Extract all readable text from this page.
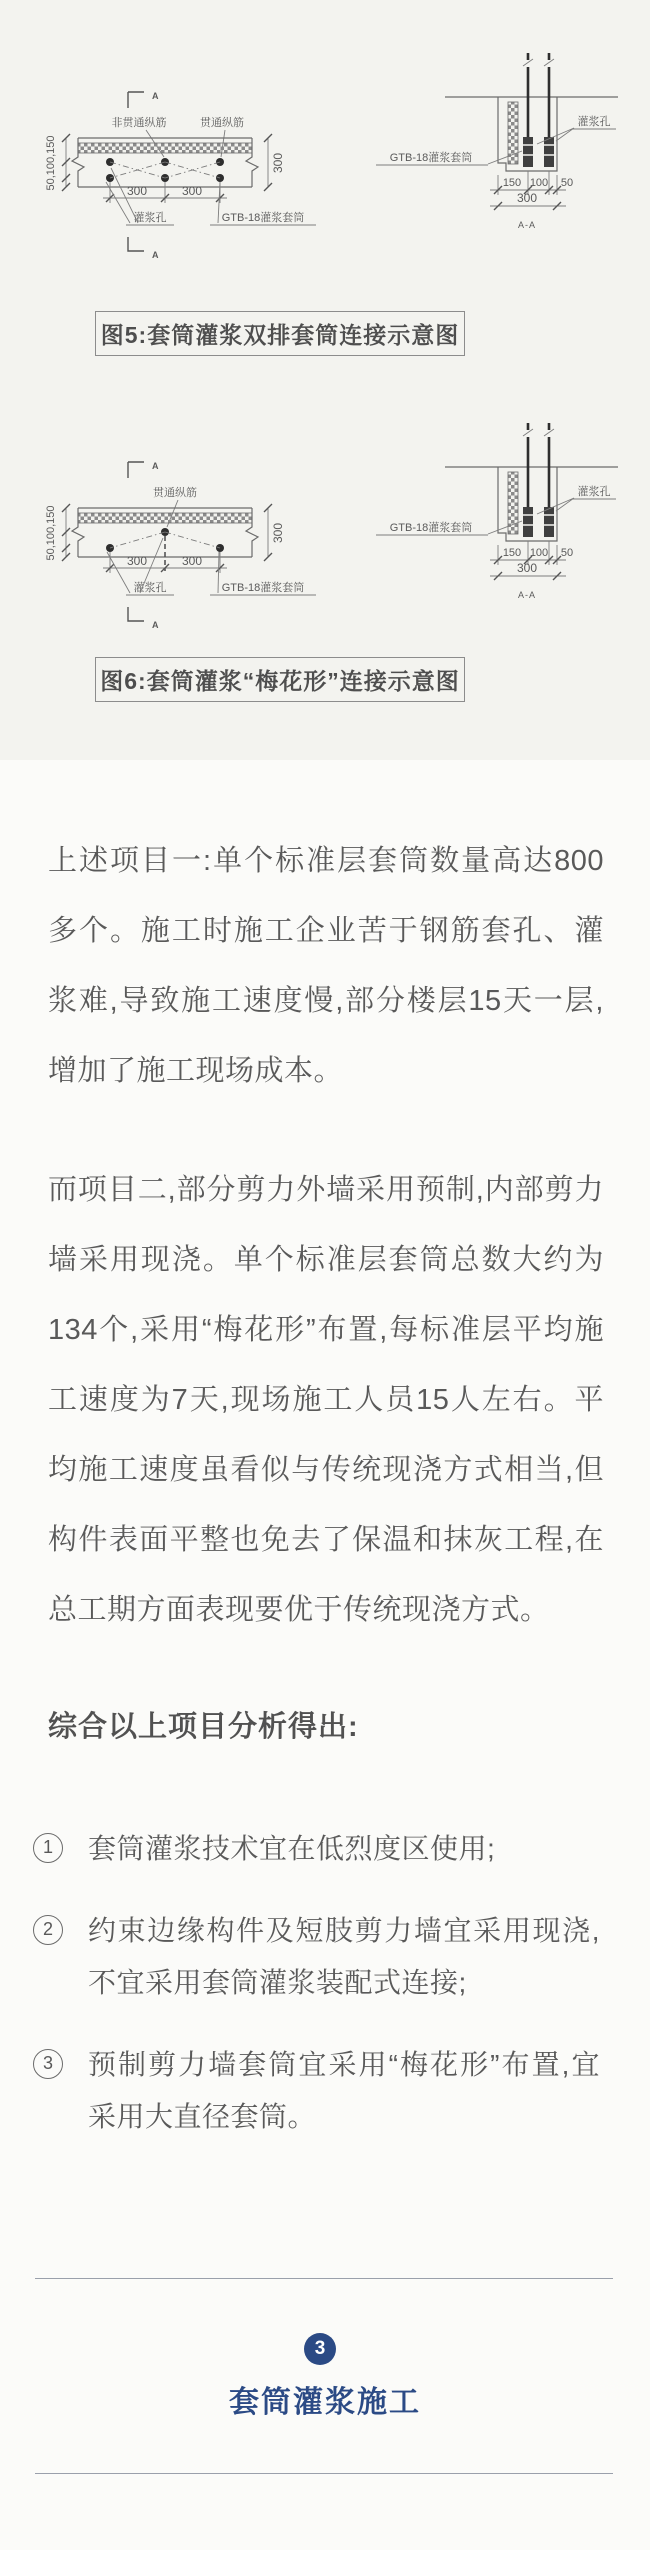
A
非贯通纵筋	贯通纵筋
300	300
灌浆孔	GTB-18灌浆套筒
A
50,100,150	300
灌浆孔
GTB-18灌浆套筒
150 100 50
300
A-A
图5:套筒灌浆双排套筒连接示意图
A
贯通纵筋
300	300
灌浆孔	GTB-18灌浆套筒
A
50,100,150	300
灌浆孔
GTB-18灌浆套筒
150 100 50
300
A-A
图6:套筒灌浆“梅花形”连接示意图
上述项目一:单个标准层套筒数量高达800多个。施工时施工企业苦于钢筋套孔、灌浆难,导致施工速度慢,部分楼层15天一层,增加了施工现场成本。
而项目二,部分剪力外墙采用预制,内部剪力墙采用现浇。单个标准层套筒总数大约为134个,采用“梅花形”布置,每标准层平均施工速度为7天,现场施工人员15人左右。平均施工速度虽看似与传统现浇方式相当,但构件表面平整也免去了保温和抹灰工程,在总工期方面表现要优于传统现浇方式。
综合以上项目分析得出:
1	套筒灌浆技术宜在低烈度区使用;
2	约束边缘构件及短肢剪力墙宜采用现浇,不宜采用套筒灌浆装配式连接;
3	预制剪力墙套筒宜采用“梅花形”布置,宜采用大直径套筒。
3
套筒灌浆施工
